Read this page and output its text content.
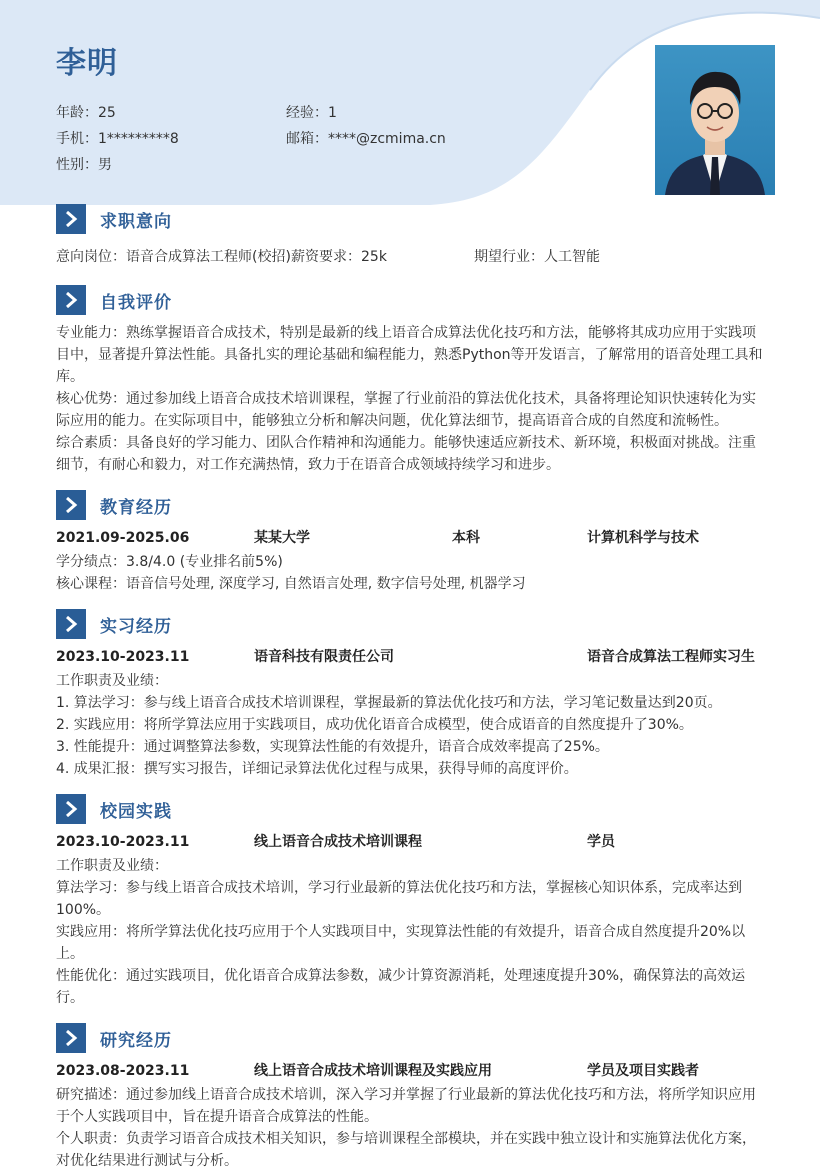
李明
年龄：25	经验：1
手机：1*********8	邮箱：****@zcmima.cn
性别：男
求职意向
意向岗位：语音合成算法工程师(校招) 薪资要求：25k	期望行业：人工智能
自我评价
专业能力：熟练掌握语音合成技术，特别是最新的线上语音合成算法优化技巧和方法，能够将其成功应用于实践项目中，显著提升算法性能。具备扎实的理论基础和编程能力，熟悉Python等开发语言，了解常用的语音处理工具和库。
核心优势：通过参加线上语音合成技术培训课程，掌握了行业前沿的算法优化技术，具备将理论知识快速转化为实际应用的能力。在实际项目中，能够独立分析和解决问题，优化算法细节，提高语音合成的自然度和流畅性。
综合素质：具备良好的学习能力、团队合作精神和沟通能力。能够快速适应新技术、新环境，积极面对挑战。注重细节，有耐心和毅力，对工作充满热情，致力于在语音合成领域持续学习和进步。
教育经历
2021.09-2025.06	某某大学	本科	计算机科学与技术
学分绩点：3.8/4.0 (专业排名前5%)
核心课程：语音信号处理, 深度学习, 自然语言处理, 数字信号处理, 机器学习
实习经历
2023.10-2023.11	语音科技有限责任公司	语音合成算法工程师实习生
工作职责及业绩：
1. 算法学习：参与线上语音合成技术培训课程，掌握最新的算法优化技巧和方法，学习笔记数量达到20页。
2. 实践应用：将所学算法应用于实践项目，成功优化语音合成模型，使合成语音的自然度提升了30%。
3. 性能提升：通过调整算法参数，实现算法性能的有效提升，语音合成效率提高了25%。
4. 成果汇报：撰写实习报告，详细记录算法优化过程与成果，获得导师的高度评价。
校园实践
2023.10-2023.11	线上语音合成技术培训课程	学员
工作职责及业绩：
算法学习：参与线上语音合成技术培训，学习行业最新的算法优化技巧和方法，掌握核心知识体系，完成率达到100%。
实践应用：将所学算法优化技巧应用于个人实践项目中，实现算法性能的有效提升，语音合成自然度提升20%以上。
性能优化：通过实践项目，优化语音合成算法参数，减少计算资源消耗，处理速度提升30%，确保算法的高效运行。
研究经历
2023.08-2023.11	线上语音合成技术培训课程及实践应用	学员及项目实践者
研究描述：通过参加线上语音合成技术培训，深入学习并掌握了行业最新的算法优化技巧和方法，将所学知识应用于个人实践项目中，旨在提升语音合成算法的性能。
个人职责：负责学习语音合成技术相关知识，参与培训课程全部模块，并在实践中独立设计和实施算法优化方案，对优化结果进行测试与分析。
